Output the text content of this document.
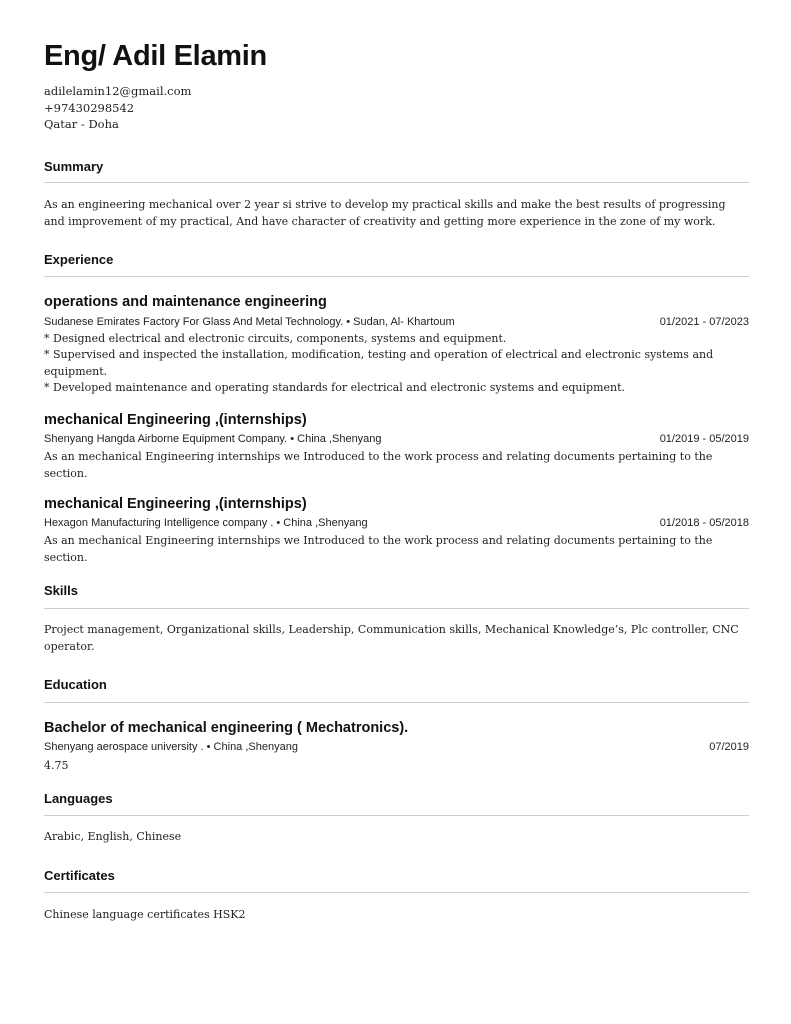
Eng/ Adil Elamin
adilelamin12@gmail.com
+97430298542
Qatar - Doha
Summary
As an engineering mechanical over 2 year si strive to develop my practical skills and make the best results of progressing and improvement of my practical, And have character of creativity and getting more experience in the zone of my work.
Experience
operations and maintenance engineering
Sudanese Emirates Factory For Glass And Metal Technology. • Sudan, Al- Khartoum	01/2021 - 07/2023
* Designed electrical and electronic circuits, components, systems and equipment.
* Supervised and inspected the installation, modification, testing and operation of electrical and electronic systems and equipment.
* Developed maintenance and operating standards for electrical and electronic systems and equipment.
mechanical Engineering ,(internships)
Shenyang Hangda Airborne Equipment Company. • China ,Shenyang	01/2019 - 05/2019
As an mechanical Engineering internships we Introduced to the work process and relating documents pertaining to the section.
mechanical Engineering ,(internships)
Hexagon Manufacturing Intelligence company . • China ,Shenyang	01/2018 - 05/2018
As an mechanical Engineering internships we Introduced to the work process and relating documents pertaining to the section.
Skills
Project management, Organizational skills, Leadership, Communication skills, Mechanical Knowledge’s, Plc controller, CNC operator.
Education
Bachelor of mechanical engineering ( Mechatronics).
Shenyang aerospace university . • China ,Shenyang	07/2019
4.75
Languages
Arabic, English, Chinese
Certificates
Chinese language certificates HSK2
